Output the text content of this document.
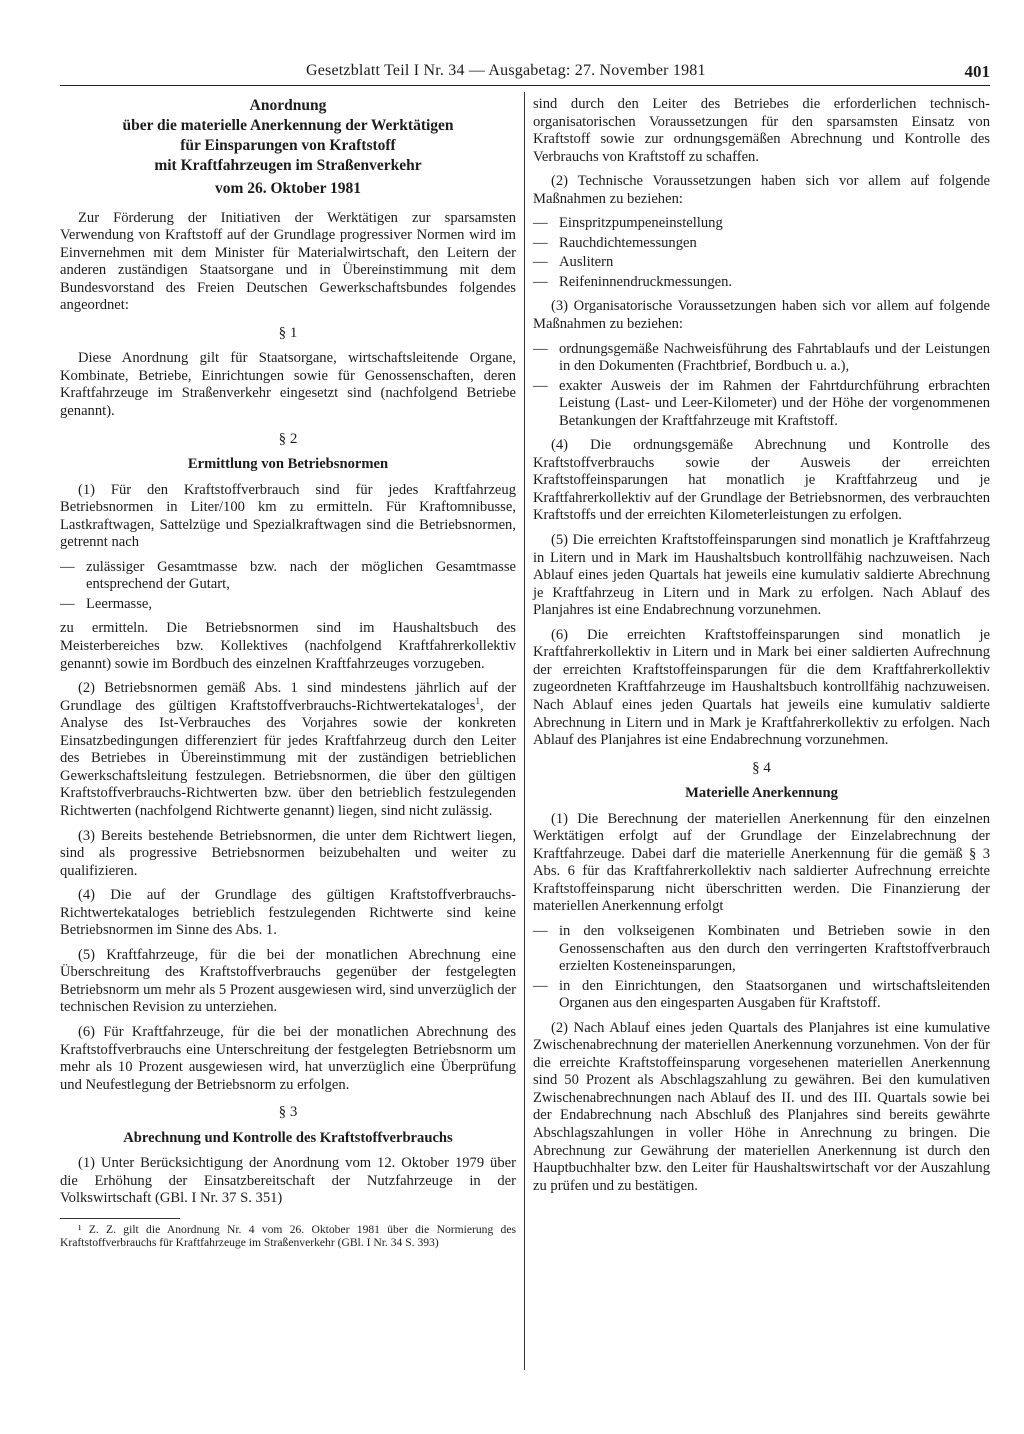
Gesetzblatt Teil I Nr. 34 — Ausgabetag: 27. November 1981	401

Anordnung

über die materielle Anerkennung der Werktätigen

für Einsparungen von Kraftstoff

mit Kraftfahrzeugen im Straßenverkehr

vom 26. Oktober 1981

Zur Förderung der Initiativen der Werktätigen zur sparsamsten Verwendung von Kraftstoff auf der Grundlage progressiver Normen wird im Einvernehmen mit dem Minister für Materialwirtschaft, den Leitern der anderen zuständigen Staatsorgane und in Übereinstimmung mit dem Bundesvorstand des Freien Deutschen Gewerkschaftsbundes folgendes angeordnet:

§ 1

Diese Anordnung gilt für Staatsorgane, wirtschaftsleitende Organe, Kombinate, Betriebe, Einrichtungen sowie für Genossenschaften, deren Kraftfahrzeuge im Straßenverkehr eingesetzt sind (nachfolgend Betriebe genannt).

§ 2

Ermittlung von Betriebsnormen

(1) Für den Kraftstoffverbrauch sind für jedes Kraftfahrzeug Betriebsnormen in Liter/100 km zu ermitteln. Für Kraftomnibusse, Lastkraftwagen, Sattelzüge und Spezialkraftwagen sind die Betriebsnormen, getrennt nach

— zulässiger Gesamtmasse bzw. nach der möglichen Gesamtmasse entsprechend der Gutart,
— Leermasse,

zu ermitteln. Die Betriebsnormen sind im Haushaltsbuch des Meisterbereiches bzw. Kollektives (nachfolgend Kraftfahrerkollektiv genannt) sowie im Bordbuch des einzelnen Kraftfahrzeuges vorzugeben.

(2) Betriebsnormen gemäß Abs. 1 sind mindestens jährlich auf der Grundlage des gültigen Kraftstoffverbrauchs-Richtwertekataloges$^1$, der Analyse des Ist-Verbrauches des Vorjahres sowie der konkreten Einsatzbedingungen differenziert für jedes Kraftfahrzeug durch den Leiter des Betriebes in Übereinstimmung mit der zuständigen betrieblichen Gewerkschaftsleitung festzulegen. Betriebsnormen, die über den gültigen Kraftstoffverbrauchs-Richtwerten bzw. über den betrieblich festzulegenden Richtwerten (nachfolgend Richtwerte genannt) liegen, sind nicht zulässig.

(3) Bereits bestehende Betriebsnormen, die unter dem Richtwert liegen, sind als progressive Betriebsnormen beizubehalten und weiter zu qualifizieren.

(4) Die auf der Grundlage des gültigen Kraftstoffverbrauchs-Richtwertekataloges betrieblich festzulegenden Richtwerte sind keine Betriebsnormen im Sinne des Abs. 1.

(5) Kraftfahrzeuge, für die bei der monatlichen Abrechnung eine Überschreitung des Kraftstoffverbrauchs gegenüber der festgelegten Betriebsnorm um mehr als 5 Prozent ausgewiesen wird, sind unverzüglich der technischen Revision zu unterziehen.

(6) Für Kraftfahrzeuge, für die bei der monatlichen Abrechnung des Kraftstoffverbrauchs eine Unterschreitung der festgelegten Betriebsnorm um mehr als 10 Prozent ausgewiesen wird, hat unverzüglich eine Überprüfung und Neufestlegung der Betriebsnorm zu erfolgen.

§ 3

Abrechnung und Kontrolle des Kraftstoffverbrauchs

(1) Unter Berücksichtigung der Anordnung vom 12. Oktober 1979 über die Erhöhung der Einsatzbereitschaft der Nutzfahrzeuge in der Volkswirtschaft (GBl. I Nr. 37 S. 351)

¹ Z. Z. gilt die Anordnung Nr. 4 vom 26. Oktober 1981 über die Normierung des Kraftstoffverbrauchs für Kraftfahrzeuge im Straßenverkehr (GBl. I Nr. 34 S. 393)

sind durch den Leiter des Betriebes die erforderlichen technisch-organisatorischen Voraussetzungen für den sparsamsten Einsatz von Kraftstoff sowie zur ordnungsgemäßen Abrechnung und Kontrolle des Verbrauchs von Kraftstoff zu schaffen.

(2) Technische Voraussetzungen haben sich vor allem auf folgende Maßnahmen zu beziehen:

— Einspritzpumpeneinstellung
— Rauchdichtemessungen
— Auslitern
— Reifeninnendruckmessungen.

(3) Organisatorische Voraussetzungen haben sich vor allem auf folgende Maßnahmen zu beziehen:

— ordnungsgemäße Nachweisführung des Fahrtablaufs und der Leistungen in den Dokumenten (Frachtbrief, Bordbuch u. a.),
— exakter Ausweis der im Rahmen der Fahrtdurchführung erbrachten Leistung (Last- und Leer-Kilometer) und der Höhe der vorgenommenen Betankungen der Kraftfahrzeuge mit Kraftstoff.

(4) Die ordnungsgemäße Abrechnung und Kontrolle des Kraftstoffverbrauchs sowie der Ausweis der erreichten Kraftstoffeinsparungen hat monatlich je Kraftfahrzeug und je Kraftfahrerkollektiv auf der Grundlage der Betriebsnormen, des verbrauchten Kraftstoffs und der erreichten Kilometerleistungen zu erfolgen.

(5) Die erreichten Kraftstoffeinsparungen sind monatlich je Kraftfahrzeug in Litern und in Mark im Haushaltsbuch kontrollfähig nachzuweisen. Nach Ablauf eines jeden Quartals hat jeweils eine kumulativ saldierte Abrechnung je Kraftfahrzeug in Litern und in Mark zu erfolgen. Nach Ablauf des Planjahres ist eine Endabrechnung vorzunehmen.

(6) Die erreichten Kraftstoffeinsparungen sind monatlich je Kraftfahrerkollektiv in Litern und in Mark bei einer saldierten Aufrechnung der erreichten Kraftstoffeinsparungen für die dem Kraftfahrerkollektiv zugeordneten Kraftfahrzeuge im Haushaltsbuch kontrollfähig nachzuweisen. Nach Ablauf eines jeden Quartals hat jeweils eine kumulativ saldierte Abrechnung in Litern und in Mark je Kraftfahrerkollektiv zu erfolgen. Nach Ablauf des Planjahres ist eine Endabrechnung vorzunehmen.

§ 4

Materielle Anerkennung

(1) Die Berechnung der materiellen Anerkennung für den einzelnen Werktätigen erfolgt auf der Grundlage der Einzelabrechnung der Kraftfahrzeuge. Dabei darf die materielle Anerkennung für die gemäß § 3 Abs. 6 für das Kraftfahrerkollektiv nach saldierter Aufrechnung erreichte Kraftstoffeinsparung nicht überschritten werden. Die Finanzierung der materiellen Anerkennung erfolgt

— in den volkseigenen Kombinaten und Betrieben sowie in den Genossenschaften aus den durch den verringerten Kraftstoffverbrauch erzielten Kosteneinsparungen,
— in den Einrichtungen, den Staatsorganen und wirtschaftsleitenden Organen aus den eingesparten Ausgaben für Kraftstoff.

(2) Nach Ablauf eines jeden Quartals des Planjahres ist eine kumulative Zwischenabrechnung der materiellen Anerkennung vorzunehmen. Von der für die erreichte Kraftstoffeinsparung vorgesehenen materiellen Anerkennung sind 50 Prozent als Abschlagszahlung zu gewähren. Bei den kumulativen Zwischenabrechnungen nach Ablauf des II. und des III. Quartals sowie bei der Endabrechnung nach Abschluß des Planjahres sind bereits gewährte Abschlagszahlungen in voller Höhe in Anrechnung zu bringen. Die Abrechnung zur Gewährung der materiellen Anerkennung ist durch den Hauptbuchhalter bzw. den Leiter für Haushaltswirtschaft vor der Auszahlung zu prüfen und zu bestätigen.
